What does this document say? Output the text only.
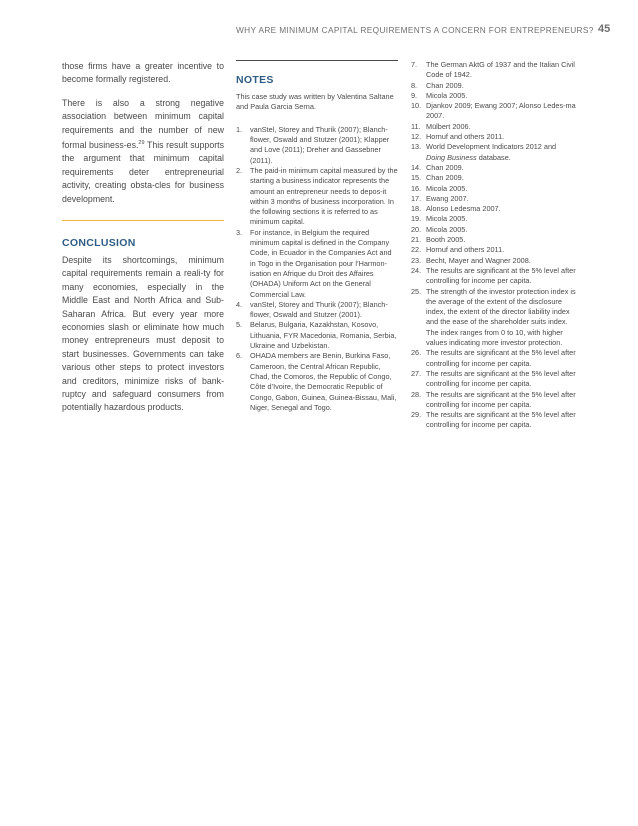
WHY ARE MINIMUM CAPITAL REQUIREMENTS A CONCERN FOR ENTREPRENEURS? 45

those firms have a greater incentive to become formally registered.

There is also a strong negative association between minimum capital requirements and the number of new formal business-es.$^{29}$ This result supports the argument that minimum capital requirements deter entrepreneurial activity, creating obsta-cles for business development.

CONCLUSION

Despite its shortcomings, minimum capital requirements remain a reali-ty for many economies, especially in the Middle East and North Africa and Sub-Saharan Africa. But every year more economies slash or eliminate how much money entrepreneurs must deposit to start businesses. Governments can take various other steps to protect investors and creditors, minimize risks of bank-ruptcy and safeguard consumers from potentially hazardous products.

NOTES

This case study was written by Valentina Saltane and Paula Garcia Serna.

1. vanStel, Storey and Thurik (2007); Blanch-flower, Oswald and Stutzer (2001); Klapper and Love (2011); Dreher and Gassebner (2011).
2. The paid-in minimum capital measured by the starting a business indicator represents the amount an entrepreneur needs to depos-it within 3 months of business incorporation. In the following sections it is referred to as minimum capital.
3. For instance, in Belgium the required minimum capital is defined in the Company Code, in Ecuador in the Companies Act and in Togo in the Organisation pour l’Harmon-isation en Afrique du Droit des Affaires (OHADA) Uniform Act on the General Commercial Law.
4. vanStel, Storey and Thurik (2007); Blanch-flower, Oswald and Stutzer (2001).
5. Belarus, Bulgaria, Kazakhstan, Kosovo, Lithuania, FYR Macedonia, Romania, Serbia, Ukraine and Uzbekistan.
6. OHADA members are Benin, Burkina Faso, Cameroon, the Central African Republic, Chad, the Comoros, the Republic of Congo, Côte d’Ivoire, the Democratic Republic of Congo, Gabon, Guinea, Guinea-Bissau, Mali, Niger, Senegal and Togo.
7. The German AktG of 1937 and the Italian Civil Code of 1942.
8. Chan 2009.
9. Micola 2005.
10. Djankov 2009; Ewang 2007; Alonso Ledes-ma 2007.
11. Mülbert 2006.
12. Hornuf and others 2011.
13. World Development Indicators 2012 and Doing Business database.
14. Chan 2009.
15. Chan 2009.
16. Micola 2005.
17. Ewang 2007.
18. Alonso Ledesma 2007.
19. Micola 2005.
20. Micola 2005.
21. Booth 2005.
22. Hornuf and others 2011.
23. Becht, Mayer and Wagner 2008.
24. The results are significant at the 5% level after controlling for income per capita.
25. The strength of the investor protection index is the average of the extent of the disclosure index, the extent of the director liability index and the ease of the shareholder suits index. The index ranges from 0 to 10, with higher values indicating more investor protection.
26. The results are significant at the 5% level after controlling for income per capita.
27. The results are significant at the 5% level after controlling for income per capita.
28. The results are significant at the 5% level after controlling for income per capita.
29. The results are significant at the 5% level after controlling for income per capita.
